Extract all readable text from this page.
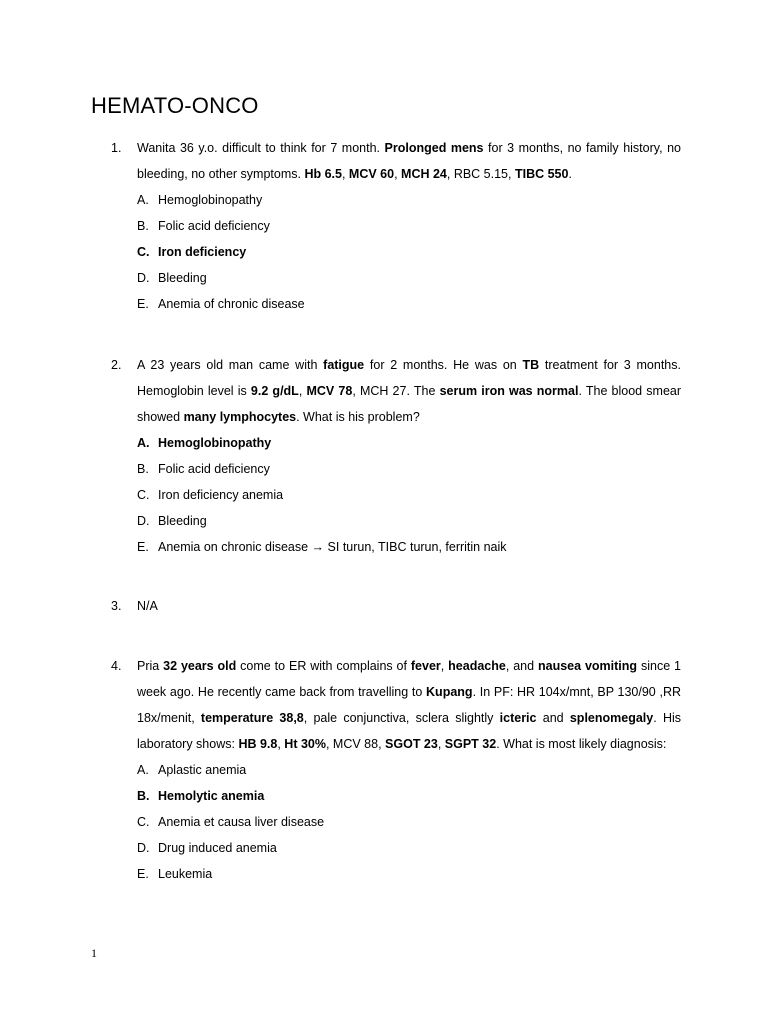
HEMATO-ONCO
1. Wanita 36 y.o. difficult to think for 7 month. Prolonged mens for 3 months, no family history, no bleeding, no other symptoms. Hb 6.5, MCV 60, MCH 24, RBC 5.15, TIBC 550.
A. Hemoglobinopathy
B. Folic acid deficiency
C. Iron deficiency
D. Bleeding
E. Anemia of chronic disease
2. A 23 years old man came with fatigue for 2 months. He was on TB treatment for 3 months. Hemoglobin level is 9.2 g/dL, MCV 78, MCH 27. The serum iron was normal. The blood smear showed many lymphocytes. What is his problem?
A. Hemoglobinopathy
B. Folic acid deficiency
C. Iron deficiency anemia
D. Bleeding
E. Anemia on chronic disease → SI turun, TIBC turun, ferritin naik
3. N/A
4. Pria 32 years old come to ER with complains of fever, headache, and nausea vomiting since 1 week ago. He recently came back from travelling to Kupang. In PF: HR 104x/mnt, BP 130/90 ,RR 18x/menit, temperature 38,8, pale conjunctiva, sclera slightly icteric and splenomegaly. His laboratory shows: HB 9.8, Ht 30%, MCV 88, SGOT 23, SGPT 32. What is most likely diagnosis:
A. Aplastic anemia
B. Hemolytic anemia
C. Anemia et causa liver disease
D. Drug induced anemia
E. Leukemia
1
